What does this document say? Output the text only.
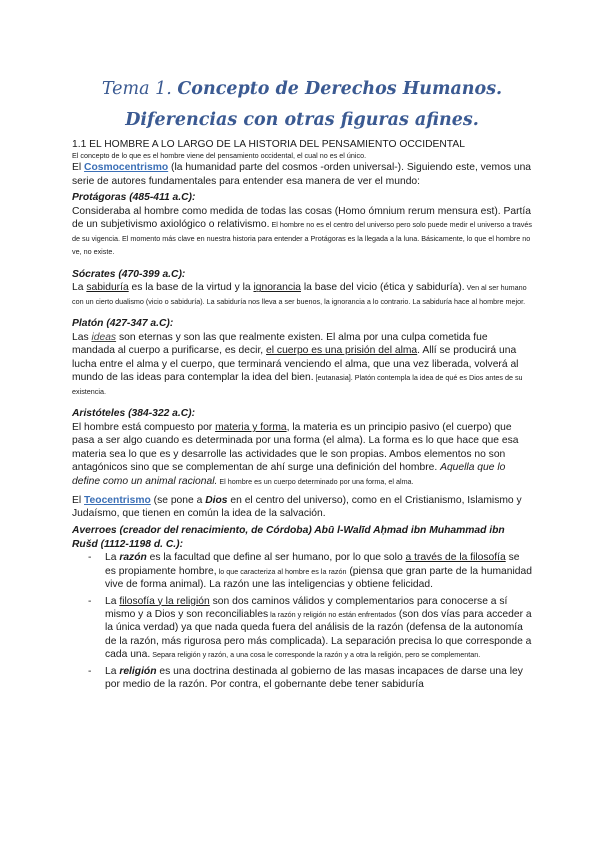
Tema 1. Concepto de Derechos Humanos. Diferencias con otras figuras afines.

1.1 EL HOMBRE A LO LARGO DE LA HISTORIA DEL PENSAMIENTO OCCIDENTAL

El concepto de lo que es el hombre viene del pensamiento occidental, el cual no es el único.

El Cosmocentrismo (la humanidad parte del cosmos -orden universal-). Siguiendo este, vemos una serie de autores fundamentales para entender esa manera de ver el mundo:

Protágoras (485-411 a.C):

Consideraba al hombre como medida de todas las cosas (Homo ómnium rerum mensura est). Partía de un subjetivismo axiológico o relativismo. El hombre no es el centro del universo pero solo puede medir el universo a través de su vigencia. El momento más clave en nuestra historia para entender a Protágoras es la llegada a la luna. Básicamente, lo que el hombre no ve, no existe.

Sócrates (470-399 a.C):

La sabiduría es la base de la virtud y la ignorancia la base del vicio (ética y sabiduría). Ven al ser humano con un cierto dualismo (vicio o sabiduría). La sabiduría nos lleva a ser buenos, la ignorancia a lo contrario. La sabiduría hace al hombre mejor.

Platón (427-347 a.C):

Las ideas son eternas y son las que realmente existen. El alma por una culpa cometida fue mandada al cuerpo a purificarse, es decir, el cuerpo es una prisión del alma. Allí se producirá una lucha entre el alma y el cuerpo, que terminará venciendo el alma, que una vez liberada, volverá al mundo de las ideas para contemplar la idea del bien. [eutanasia]. Platón contempla la idea de qué es Dios antes de su existencia.

Aristóteles (384-322 a.C):

El hombre está compuesto por materia y forma, la materia es un principio pasivo (el cuerpo) que pasa a ser algo cuando es determinada por una forma (el alma). La forma es lo que hace que esa materia sea lo que es y desarrolle las actividades que le son propias. Ambos elementos no son antagónicos sino que se complementan de ahí surge una definición del hombre. Aquella que lo define como un animal racional. El hombre es un cuerpo determinado por una forma, el alma.

El Teocentrismo (se pone a Dios en el centro del universo), como en el Cristianismo, Islamismo y Judaísmo, que tienen en común la idea de la salvación.

Averroes (creador del renacimiento, de Córdoba) Abū l-Walīd Aḥmad ibn Muhammad ibn Rušd (1112-1198 d. C.):

- La razón es la facultad que define al ser humano, por lo que solo a través de la filosofía se es propiamente hombre, lo que caracteriza al hombre es la razón (piensa que gran parte de la humanidad vive de forma animal). La razón une las inteligencias y obtiene felicidad.
- La filosofía y la religión son dos caminos válidos y complementarios para conocerse a sí mismo y a Dios y son reconciliables la razón y religión no están enfrentados (son dos vías para acceder a la única verdad) ya que nada queda fuera del análisis de la razón (defensa de la autonomía de la razón, más rigurosa pero más complicada). La separación precisa lo que corresponde a cada una. Separa religión y razón, a una cosa le corresponde la razón y a otra la religión, pero se complementan.
- La religión es una doctrina destinada al gobierno de las masas incapaces de darse una ley por medio de la razón. Por contra, el gobernante debe tener sabiduría
